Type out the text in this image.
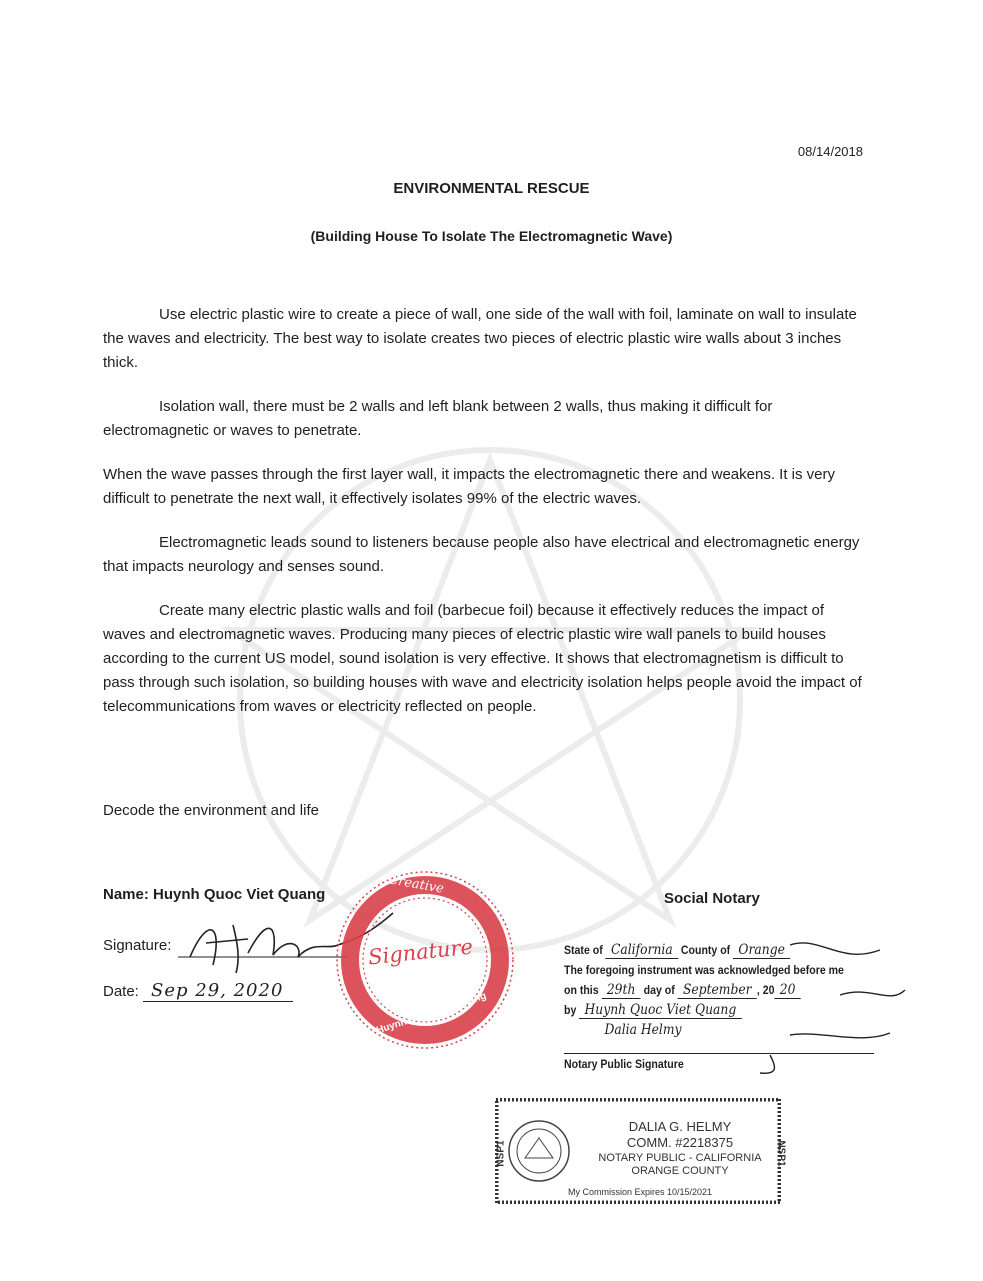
08/14/2018
ENVIRONMENTAL RESCUE
(Building House To Isolate The Electromagnetic Wave)

Use electric plastic wire to create a piece of wall, one side of the wall with foil, laminate on wall to insulate the waves and electricity. The best way to isolate creates two pieces of electric plastic wire walls about 3 inches thick.

Isolation wall, there must be 2 walls and left blank between 2 walls, thus making it difficult for electromagnetic or waves to penetrate.

When the wave passes through the first layer wall, it impacts the electromagnetic there and weakens. It is very difficult to penetrate the next wall, it effectively isolates 99% of the electric waves.

Electromagnetic leads sound to listeners because people also have electrical and electromagnetic energy that impacts neurology and senses sound.

Create many electric plastic walls and foil (barbecue foil) because it effectively reduces the impact of waves and electromagnetic waves. Producing many pieces of electric plastic wire wall panels to build houses according to the current US model, sound isolation is very effective. It shows that electromagnetism is difficult to pass through such isolation, so building houses with wave and electricity isolation helps people avoid the impact of telecommunications from waves or electricity reflected on people.

Decode the environment and life
Name: Huynh Quoc Viet Quang
Signature:
Date: Sep 29, 2020
Creative
Signature
Huynh Quoc Viet Quang
Social Notary
State of California County of Orange
The foregoing instrument was acknowledged before me
on this 29th day of September , 20 20
by Huynh Quoc Viet Quang
Dalia Helmy
Notary Public Signature
DALIA G. HELMY
COMM. #2218375
NOTARY PUBLIC - CALIFORNIA
ORANGE COUNTY
My Commission Expires 10/15/2021
NSP1	NSP1
